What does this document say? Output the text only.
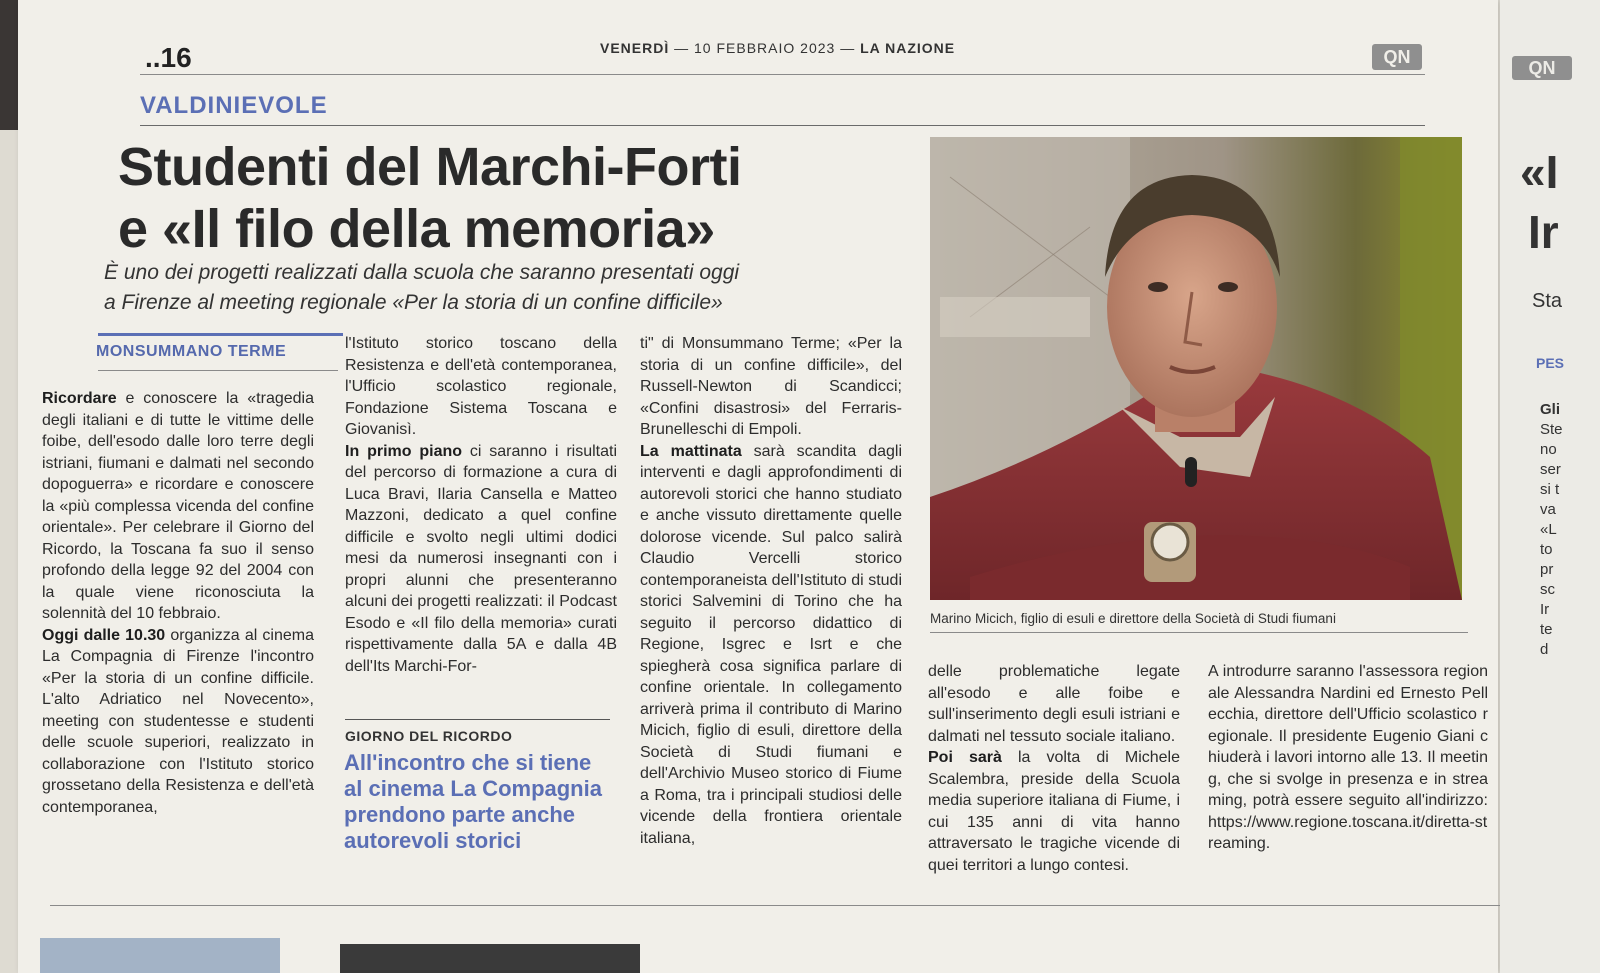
..16	VENERDÌ — 10 FEBBRAIO 2023 — LA NAZIONE	QN
VALDINIEVOLE
Studenti del Marchi-Forti
e «Il filo della memoria»
È uno dei progetti realizzati dalla scuola che saranno presentati oggi
a Firenze al meeting regionale «Per la storia di un confine difficile»
MONSUMMANO TERME

Ricordare e conoscere la «tragedia degli italiani e di tutte le vittime delle foibe, dell'esodo dalle loro terre degli istriani, fiumani e dalmati nel secondo dopoguerra» e ricordare e conoscere la «più complessa vicenda del confine orientale». Per celebrare il Giorno del Ricordo, la Toscana fa suo il senso profondo della legge 92 del 2004 con la quale viene riconosciuta la solennità del 10 febbraio.

Oggi dalle 10.30 organizza al cinema La Compagnia di Firenze l'incontro «Per la storia di un confine difficile. L'alto Adriatico nel Novecento», meeting con studentesse e studenti delle scuole superiori, realizzato in collaborazione con l'Istituto storico grossetano della Resistenza e dell'età contemporanea,

l'Istituto storico toscano della Resistenza e dell'età contemporanea, l'Ufficio scolastico regionale, Fondazione Sistema Toscana e Giovanisì.

In primo piano ci saranno i risultati del percorso di formazione a cura di Luca Bravi, Ilaria Cansella e Matteo Mazzoni, dedicato a quel confine difficile e svolto negli ultimi dodici mesi da numerosi insegnanti con i propri alunni che presenteranno alcuni dei progetti realizzati: il Podcast Esodo e «Il filo della memoria» curati rispettivamente dalla 5A e dalla 4B dell'Its Marchi-For-

GIORNO DEL RICORDO
All'incontro che si tiene al cinema La Compagnia prendono parte anche autorevoli storici

ti" di Monsummano Terme; «Per la storia di un confine difficile», del Russell-Newton di Scandicci; «Confini disastrosi» del Ferraris-Brunelleschi di Empoli.

La mattinata sarà scandita dagli interventi e dagli approfondimenti di autorevoli storici che hanno studiato e anche vissuto direttamente quelle dolorose vicende. Sul palco salirà Claudio Vercelli storico contemporaneista dell'Istituto di studi storici Salvemini di Torino che ha seguito il percorso didattico di Regione, Isgrec e Isrt e che spiegherà cosa significa parlare di confine orientale. In collegamento arriverà prima il contributo di Marino Micich, figlio di esuli, direttore della Società di Studi fiumani e dell'Archivio Museo storico di Fiume a Roma, tra i principali studiosi delle vicende della frontiera orientale italiana,

Marino Micich, figlio di esuli e direttore della Società di Studi fiumani

delle problematiche legate all'esodo e alle foibe e sull'inserimento degli esuli istriani e dalmati nel tessuto sociale italiano.

Poi sarà la volta di Michele Scalembra, preside della Scuola media superiore italiana di Fiume, i cui 135 anni di vita hanno attraversato le tragiche vicende di quei territori a lungo contesi.

A introdurre saranno l'assessora regionale Alessandra Nardini ed Ernesto Pellecchia, direttore dell'Ufficio scolastico regionale. Il presidente Eugenio Giani chiuderà i lavori intorno alle 13. Il meeting, che si svolge in presenza e in streaming, potrà essere seguito all'indirizzo: https://www.regione.toscana.it/diretta-streaming.

QN
«I
Ir
Sta
PES
Gli
Ste
no
ser
si t
va
«L
to
pr
sc
Ir
te
d
